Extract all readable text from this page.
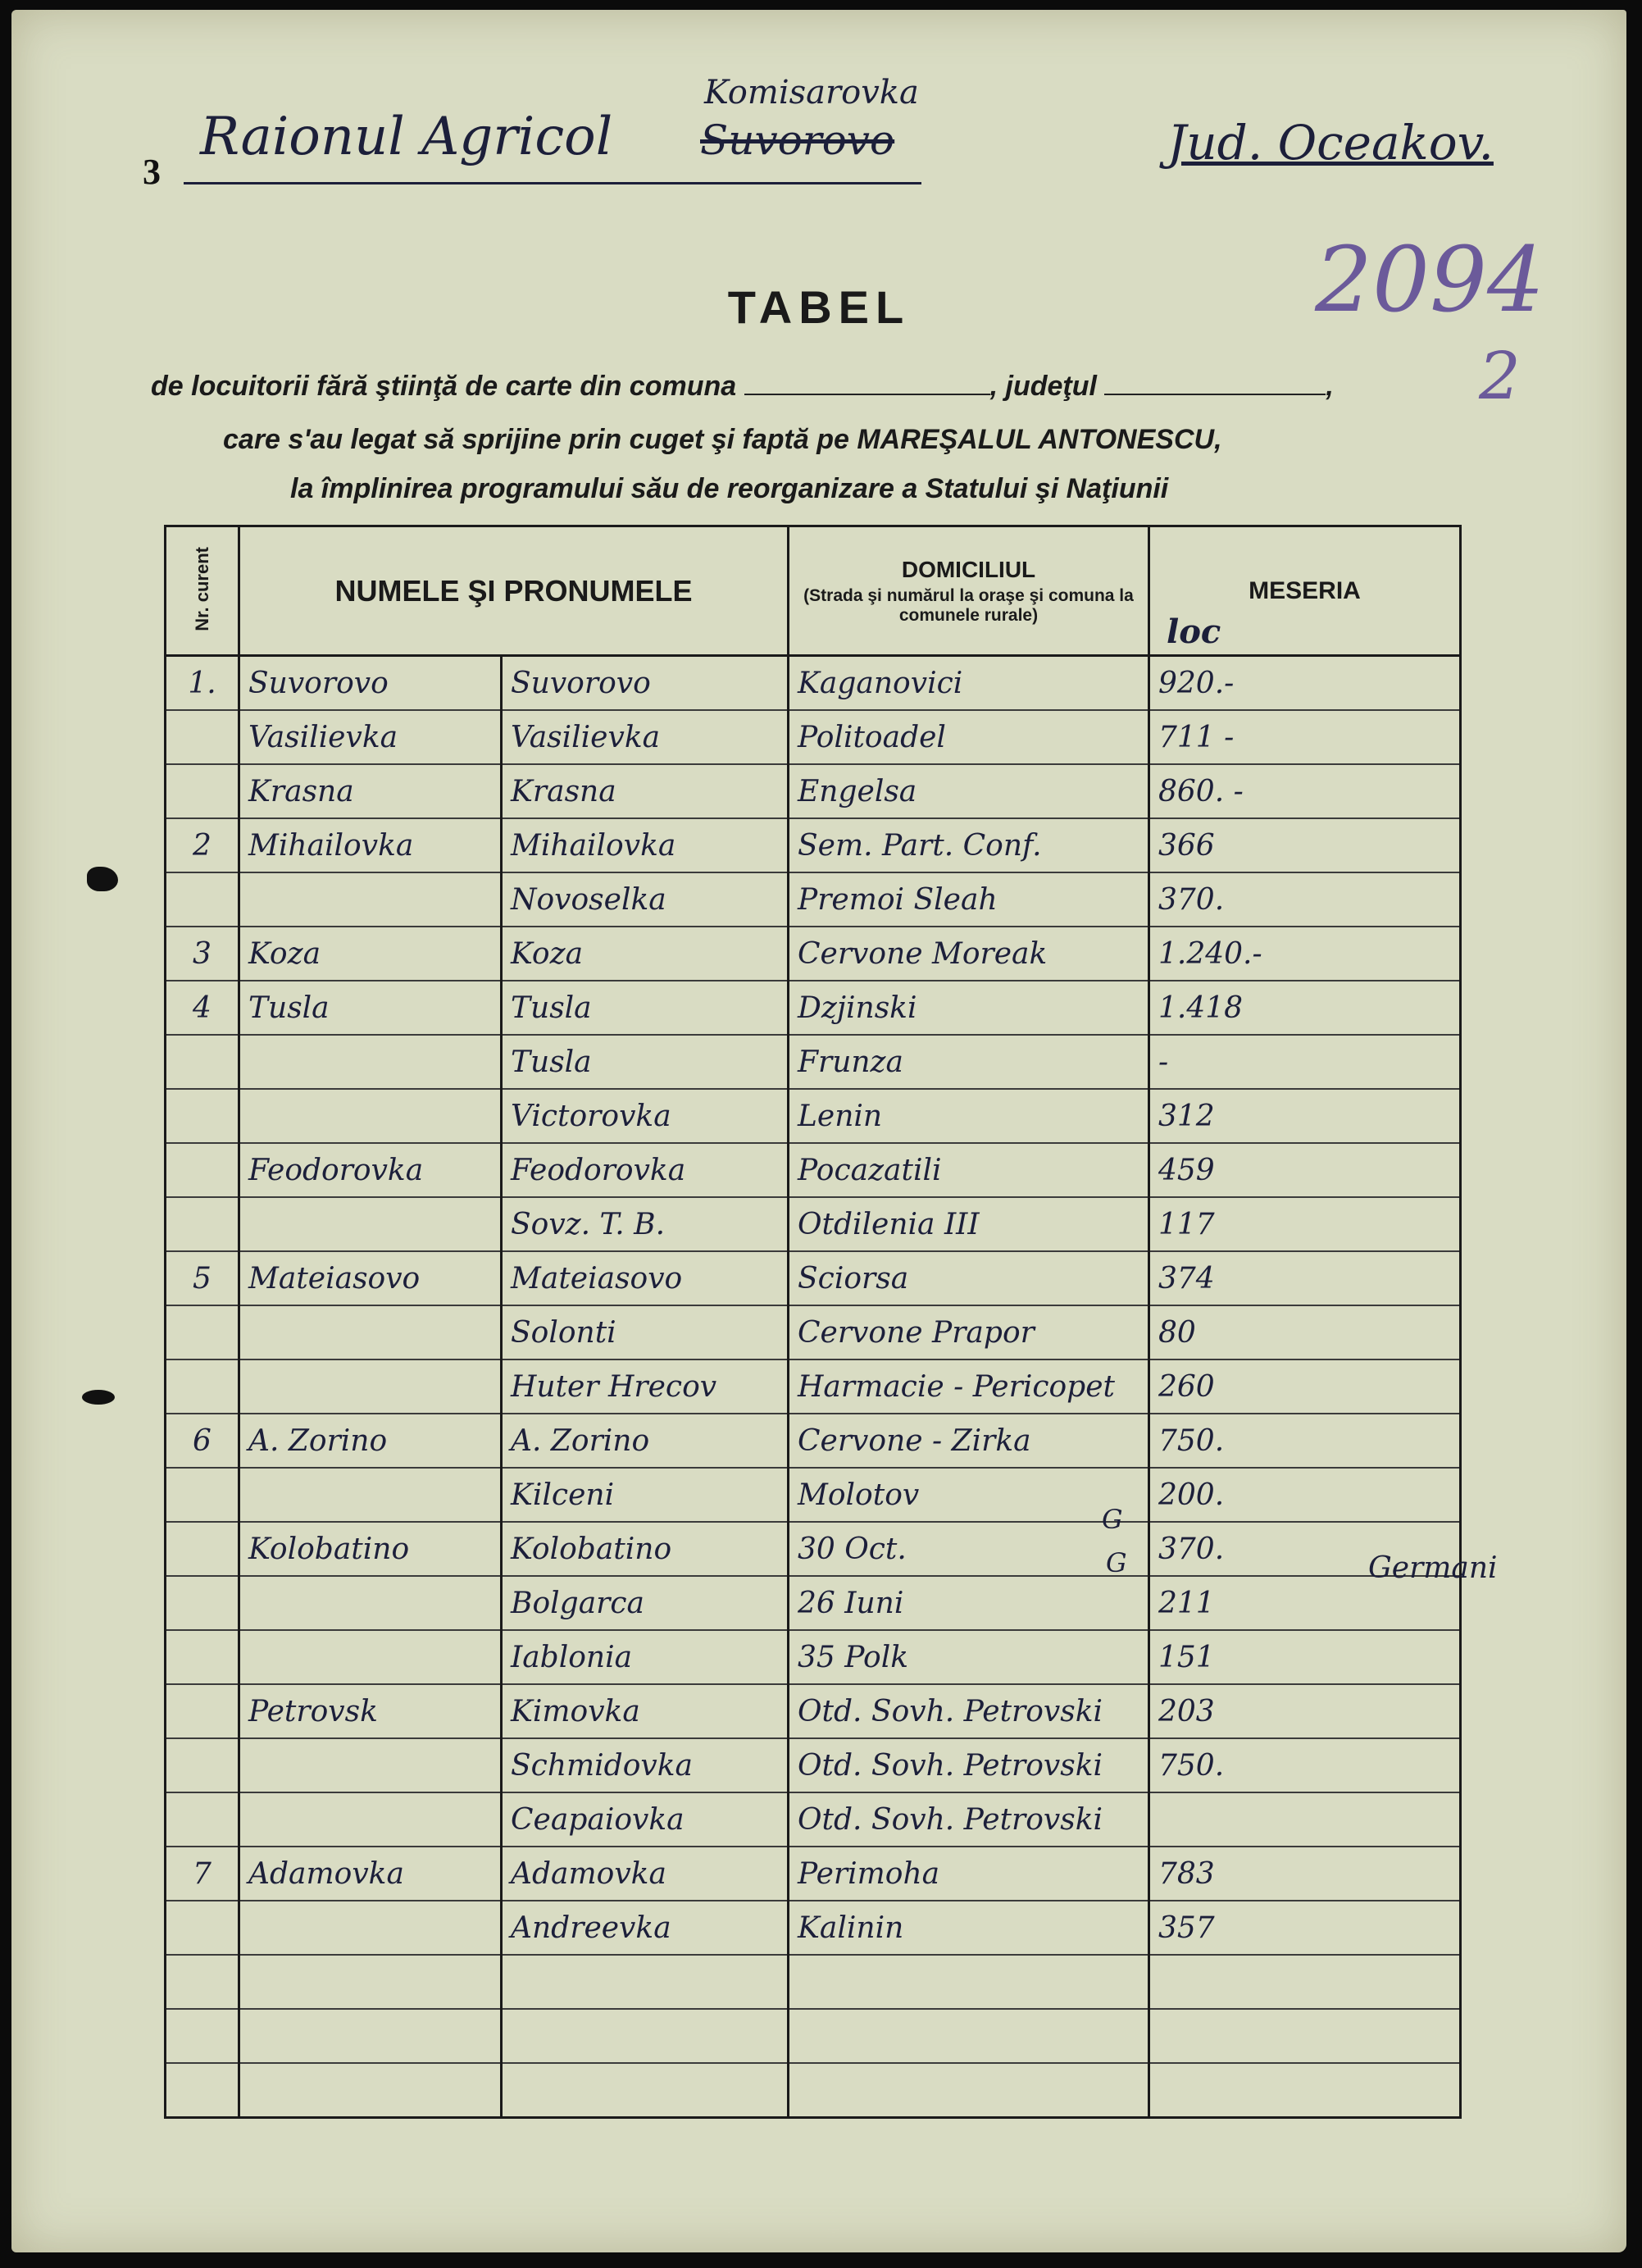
3
Raionul Agricol Suvorovo
Komisarovka
Jud. Oceakov.
2094
2
TABEL
de locuitorii fără ştiinţă de carte din comuna	, judeţul	,
care s'au legat să sprijine prin cuget şi faptă pe MAREŞALUL ANTONESCU,
la împlinirea programului său de reorganizare a Statului şi Naţiunii
Nr. curent	NUMELE ŞI PRONUMELE		DOMICILIUL
(Strada şi numărul la oraşe şi comuna la comunele rurale)	MESERIA
loc

1.	Suvorovo	Suvorovo	Kaganovici	920.-
	Vasilievka	Vasilievka	Politoadel	711 -
	Krasna	Krasna	Engelsa	860. -
2	Mihailovka	Mihailovka	Sem. Part. Conf.	366
		Novoselka	Premoi Sleah	370.
3	Koza	Koza	Cervone Moreak	1.240.-
4	Tusla	Tusla	Dzjinski	1.418
		Tusla	Frunza	-
		Victorovka	Lenin	312
	Feodorovka	Feodorovka	Pocazatili	459
		Sovz. T. B.	Otdilenia III	117
5	Mateiasovo	Mateiasovo	Sciorsa	374
		Solonti	Cervone Prapor	80
		Huter Hrecov	Harmacie - Pericopet	260
6	A. Zorino	A. Zorino	Cervone - Zirka	750.
		Kilceni	Molotov	200.
	Kolobatino	Kolobatino	30 Oct.	370.
		Bolgarca	26 Iuni	211
		Iablonia	35 Polk	151
	Petrovsk	Kimovka	Otd. Sovh. Petrovski	203
		Schmidovka	Otd. Sovh. Petrovski	750.
		Ceapaiovka	Otd. Sovh. Petrovski	
7	Adamovka	Adamovka	Perimoha	783
		Andreevka	Kalinin	357

G
G	Germani
